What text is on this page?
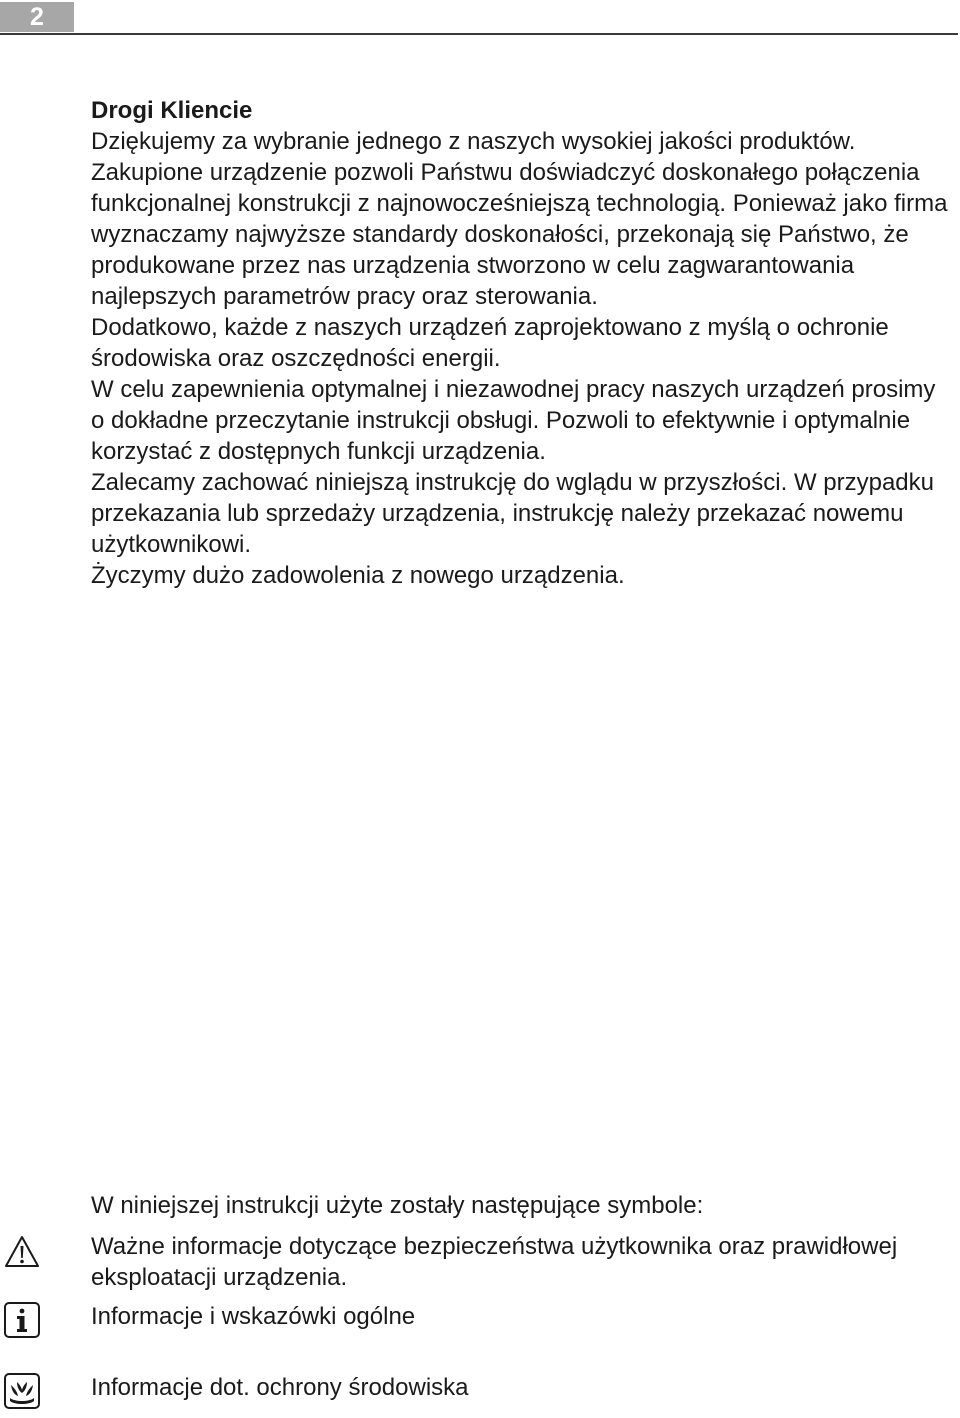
2
Drogi Kliencie

Dziękujemy za wybranie jednego z naszych wysokiej jakości produktów. Zakupione urządzenie pozwoli Państwu doświadczyć doskonałego połączenia funkcjonalnej konstrukcji z najnowocześniejszą technologią. Ponieważ jako firma wyznaczamy najwyższe standardy doskonałości, przekonają się Państwo, że produkowane przez nas urządzenia stworzono w celu zagwarantowania najlepszych parametrów pracy oraz sterowania.

Dodatkowo, każde z naszych urządzeń zaprojektowano z myślą o ochronie środowiska oraz oszczędności energii.

W celu zapewnienia optymalnej i niezawodnej pracy naszych urządzeń prosimy o dokładne przeczytanie instrukcji obsługi. Pozwoli to efektywnie i optymalnie korzystać z dostępnych funkcji urządzenia.

Zalecamy zachować niniejszą instrukcję do wglądu w przyszłości. W przypadku przekazania lub sprzedaży urządzenia, instrukcję należy przekazać nowemu użytkownikowi.

Życzymy dużo zadowolenia z nowego urządzenia.

W niniejszej instrukcji użyte zostały następujące symbole:

Ważne informacje dotyczące bezpieczeństwa użytkownika oraz prawidłowej eksploatacji urządzenia.

Informacje i wskazówki ogólne

Informacje dot. ochrony środowiska
